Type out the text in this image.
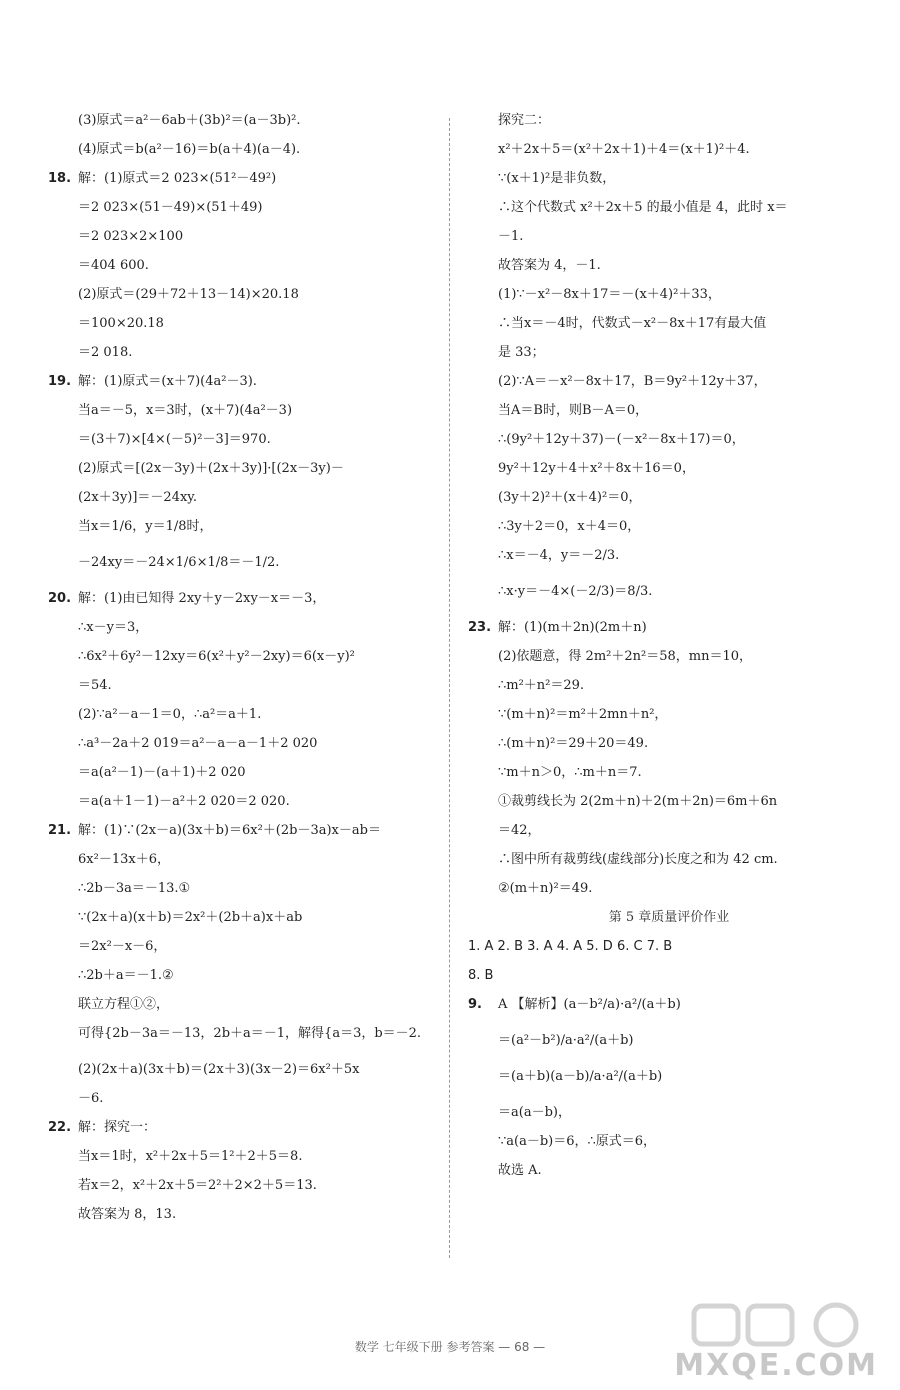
(3)原式＝a²－6ab＋(3b)²＝(a－3b)².
(4)原式＝b(a²－16)＝b(a＋4)(a－4).
18. 解：(1)原式＝2 023×(51²－49²)
＝2 023×(51－49)×(51＋49)
＝2 023×2×100
＝404 600.
(2)原式＝(29＋72＋13－14)×20.18
＝100×20.18
＝2 018.
19. 解：(1)原式＝(x＋7)(4a²－3).
当a＝－5，x＝3时，(x＋7)(4a²－3)
＝(3＋7)×[4×(－5)²－3]＝970.
(2)原式＝[(2x－3y)＋(2x＋3y)]·[(2x－3y)－
(2x＋3y)]＝－24xy.
当x＝1/6，y＝1/8时，
－24xy＝－24×1/6×1/8＝－1/2.
20. 解：(1)由已知得 2xy＋y－2xy－x＝－3，
∴x－y＝3，
∴6x²＋6y²－12xy＝6(x²＋y²－2xy)＝6(x－y)²
＝54.
(2)∵a²－a－1＝0，∴a²＝a＋1.
∴a³－2a＋2 019＝a²－a－a－1＋2 020
＝a(a²－1)－(a＋1)＋2 020
＝a(a＋1－1)－a²＋2 020＝2 020.
21. 解：(1)∵(2x－a)(3x＋b)＝6x²＋(2b－3a)x－ab＝
6x²－13x＋6，
∴2b－3a＝－13.①
∵(2x＋a)(x＋b)＝2x²＋(2b＋a)x＋ab
＝2x²－x－6，
∴2b＋a＝－1.②
联立方程①②，
可得{2b－3a＝－13，2b＋a＝－1，解得{a＝3，b＝－2.
(2)(2x＋a)(3x＋b)＝(2x＋3)(3x－2)＝6x²＋5x
－6.
22. 解：探究一：
当x＝1时，x²＋2x＋5＝1²＋2＋5＝8.
若x＝2，x²＋2x＋5＝2²＋2×2＋5＝13.
故答案为 8，13.
探究二：
x²＋2x＋5＝(x²＋2x＋1)＋4＝(x＋1)²＋4.
∵(x＋1)²是非负数，
∴这个代数式 x²＋2x＋5 的最小值是 4，此时 x＝
－1.
故答案为 4，－1.
(1)∵－x²－8x＋17＝－(x＋4)²＋33，
∴当x＝－4时，代数式－x²－8x＋17有最大值
是 33；
(2)∵A＝－x²－8x＋17，B＝9y²＋12y＋37，
当A＝B时，则B－A＝0，
∴(9y²＋12y＋37)－(－x²－8x＋17)＝0，
9y²＋12y＋4＋x²＋8x＋16＝0，
(3y＋2)²＋(x＋4)²＝0，
∴3y＋2＝0，x＋4＝0，
∴x＝－4，y＝－2/3.
∴x·y＝－4×(－2/3)＝8/3.
23. 解：(1)(m＋2n)(2m＋n)
(2)依题意，得 2m²＋2n²＝58，mn＝10，
∴m²＋n²＝29.
∵(m＋n)²＝m²＋2mn＋n²，
∴(m＋n)²＝29＋20＝49.
∵m＋n＞0，∴m＋n＝7.
①裁剪线长为 2(2m＋n)＋2(m＋2n)＝6m＋6n
＝42，
∴图中所有裁剪线(虚线部分)长度之和为 42 cm.
②(m＋n)²＝49.
第 5 章质量评价作业
1. A 2. B 3. A 4. A 5. D 6. C 7. B
8. B
9. A 【解析】(a－b²/a)·a²/(a＋b)
＝(a²－b²)/a·a²/(a＋b)
＝(a＋b)(a－b)/a·a²/(a＋b)
＝a(a－b)，
∵a(a－b)＝6，∴原式＝6，
故选 A.
数学 七年级下册 参考答案 — 68 —
MXQE.COM
